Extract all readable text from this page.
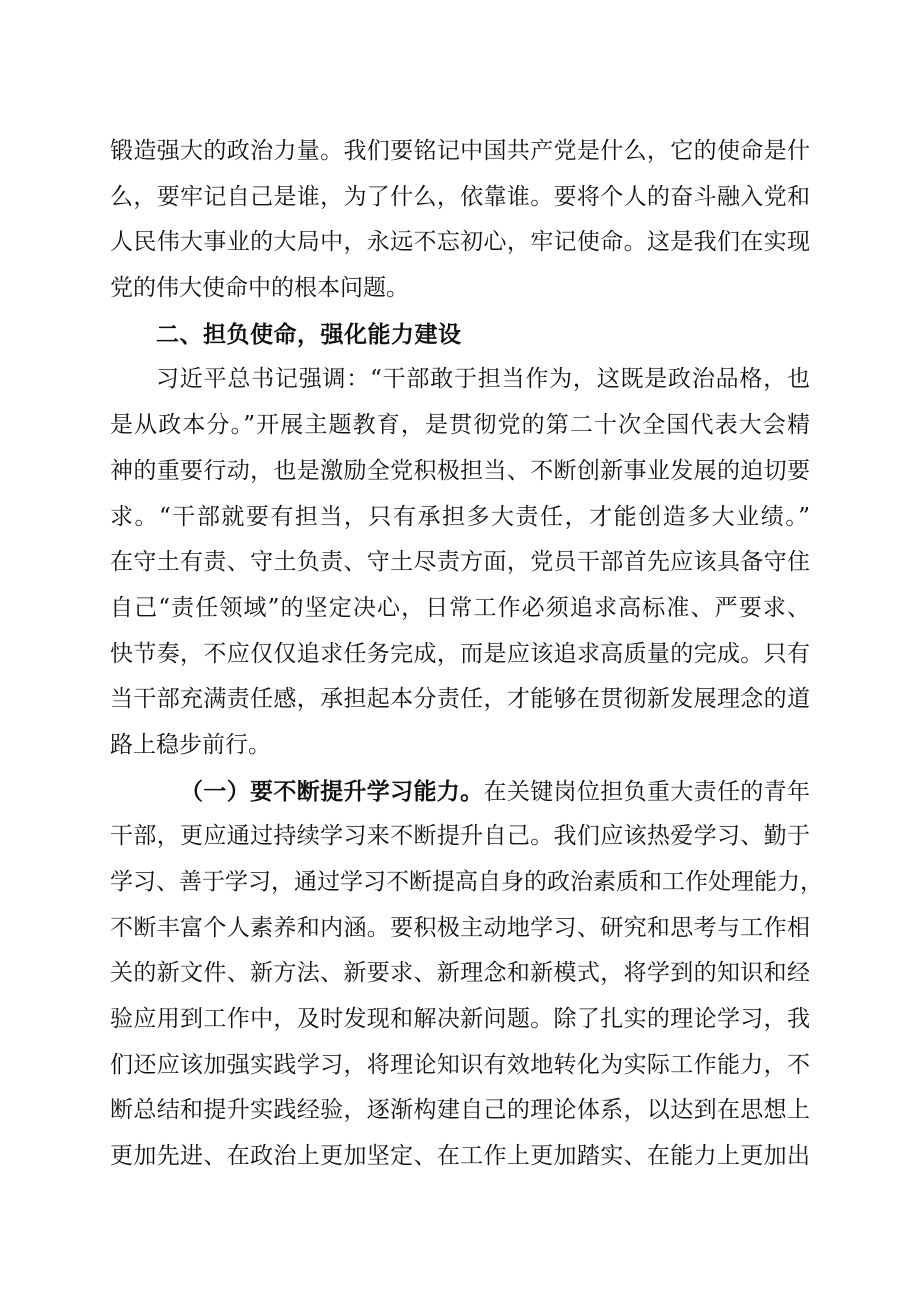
锻造强大的政治力量。我们要铭记中国共产党是什么，它的使命是什
么，要牢记自己是谁，为了什么，依靠谁。要将个人的奋斗融入党和
人民伟大事业的大局中，永远不忘初心，牢记使命。这是我们在实现
党的伟大使命中的根本问题。
二、担负使命，强化能力建设
习近平总书记强调：“干部敢于担当作为，这既是政治品格，也
是从政本分。”开展主题教育，是贯彻党的第二十次全国代表大会精
神的重要行动，也是激励全党积极担当、不断创新事业发展的迫切要
求。“干部就要有担当，只有承担多大责任，才能创造多大业绩。”
在守土有责、守土负责、守土尽责方面，党员干部首先应该具备守住
自己“责任领域”的坚定决心，日常工作必须追求高标准、严要求、
快节奏，不应仅仅追求任务完成，而是应该追求高质量的完成。只有
当干部充满责任感，承担起本分责任，才能够在贯彻新发展理念的道
路上稳步前行。
（一）要不断提升学习能力。在关键岗位担负重大责任的青年
干部，更应通过持续学习来不断提升自己。我们应该热爱学习、勤于
学习、善于学习，通过学习不断提高自身的政治素质和工作处理能力，
不断丰富个人素养和内涵。要积极主动地学习、研究和思考与工作相
关的新文件、新方法、新要求、新理念和新模式，将学到的知识和经
验应用到工作中，及时发现和解决新问题。除了扎实的理论学习，我
们还应该加强实践学习，将理论知识有效地转化为实际工作能力，不
断总结和提升实践经验，逐渐构建自己的理论体系，以达到在思想上
更加先进、在政治上更加坚定、在工作上更加踏实、在能力上更加出
